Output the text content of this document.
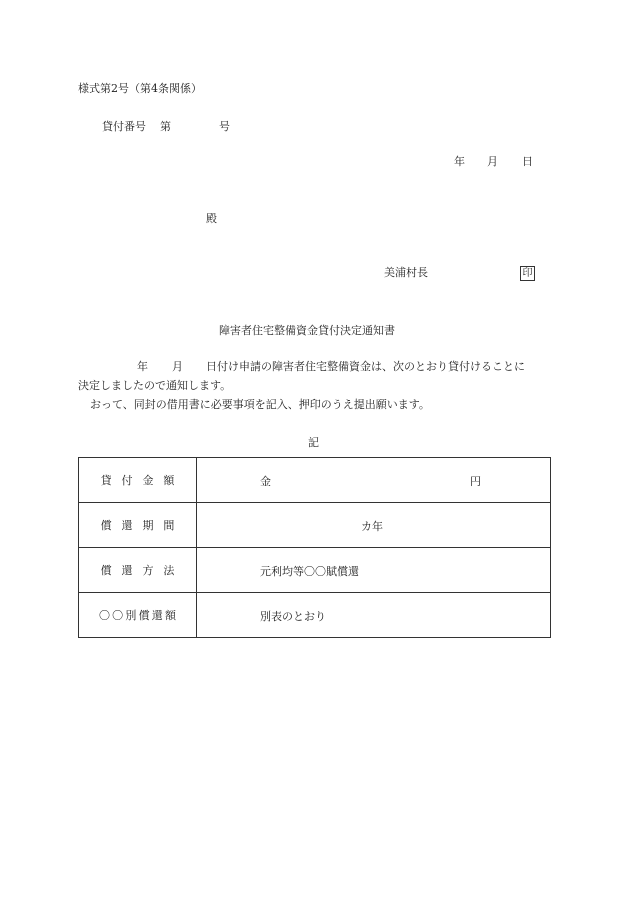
様式第2号（第4条関係）
貸付番号 第	号
年 月 日
殿
美浦村長	印
障害者住宅整備資金貸付決定通知書
年 月 日付け申請の障害者住宅整備資金は、次のとおり貸付けることに
決定しましたので通知します。
おって、同封の借用書に必要事項を記入、押印のうえ提出願います。
記
貸付金額	金 円

償還期間	カ年

償還方法	元利均等〇〇賦償還

〇〇別償還額	別表のとおり
